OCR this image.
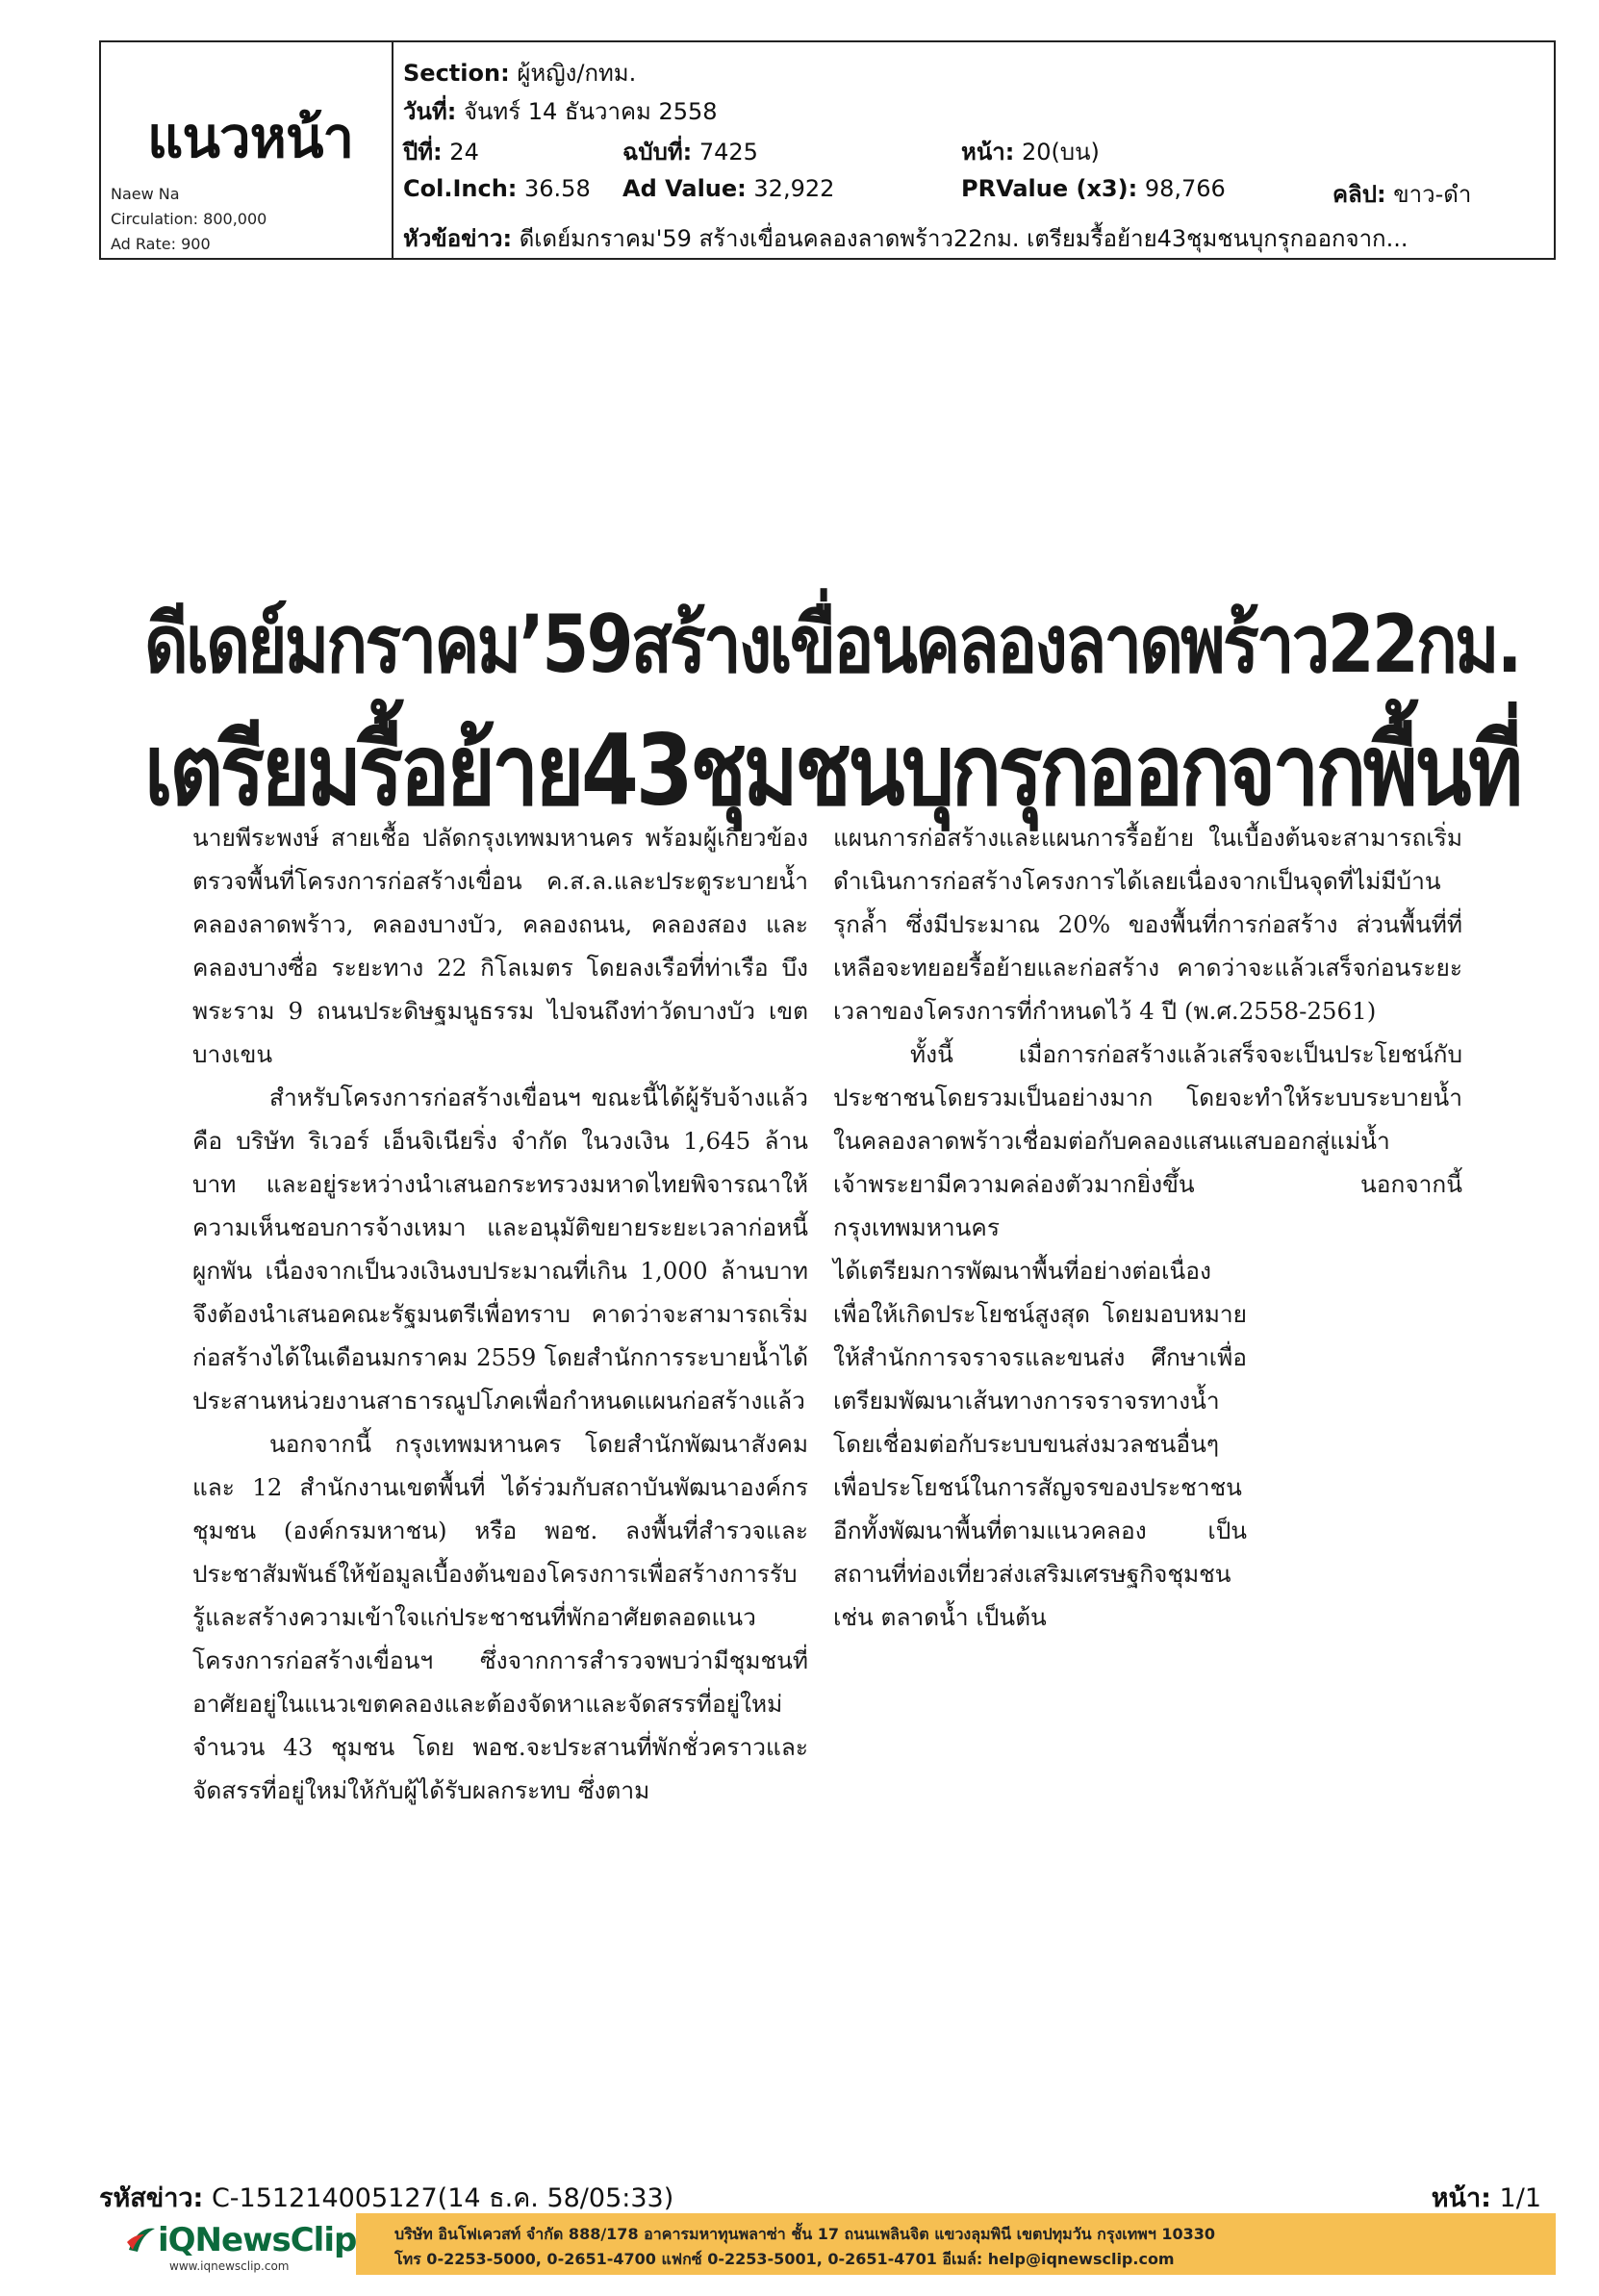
แนวหน้า
Naew Na
Circulation: 800,000
Ad Rate: 900
Section: ผู้หญิง/กทม.
วันที่: จันทร์ 14 ธันวาคม 2558
ปีที่: 24	ฉบับที่: 7425	หน้า: 20(บน)
Col.Inch: 36.58 Ad Value: 32,922	PRValue (x3): 98,766	คลิป: ขาว-ดำ
หัวข้อข่าว: ดีเดย์มกราคม'59 สร้างเขื่อนคลองลาดพร้าว22กม. เตรียมรื้อย้าย43ชุมชนบุกรุกออกจาก...
ดีเดย์มกราคม’59สร้างเขื่อนคลองลาดพร้าว22กม.
เตรียมรื้อย้าย43ชุมชนบุกรุกออกจากพื้นที่

นายพีระพงษ์ สายเชื้อ ปลัดกรุงเทพมหานคร พร้อมผู้เกี่ยวข้องตรวจพื้นที่โครงการก่อสร้างเขื่อน ค.ส.ล.และประตูระบายน้ำ คลองลาดพร้าว, คลองบางบัว, คลองถนน, คลองสอง และคลองบางซื่อ ระยะทาง 22 กิโลเมตร โดยลงเรือที่ท่าเรือ บึงพระราม 9 ถนนประดิษฐมนูธรรม ไปจนถึงท่าวัดบางบัว เขตบางเขน

สำหรับโครงการก่อสร้างเขื่อนฯ ขณะนี้ได้ผู้รับจ้างแล้ว คือ บริษัท ริเวอร์ เอ็นจิเนียริ่ง จำกัด ในวงเงิน 1,645 ล้านบาท และอยู่ระหว่างนำเสนอกระทรวงมหาดไทยพิจารณาให้ความเห็นชอบการจ้างเหมา และอนุมัติขยายระยะเวลาก่อหนี้ผูกพัน เนื่องจากเป็นวงเงินงบประมาณที่เกิน 1,000 ล้านบาท จึงต้องนำเสนอคณะรัฐมนตรีเพื่อทราบ คาดว่าจะสามารถเริ่มก่อสร้างได้ในเดือนมกราคม 2559 โดยสำนักการระบายน้ำได้ประสานหน่วยงานสาธารณูปโภคเพื่อกำหนดแผนก่อสร้างแล้ว

นอกจากนี้ กรุงเทพมหานคร โดยสำนักพัฒนาสังคม และ 12 สำนักงานเขตพื้นที่ ได้ร่วมกับสถาบันพัฒนาองค์กรชุมชน (องค์กรมหาชน) หรือ พอช. ลงพื้นที่สำรวจและประชาสัมพันธ์ให้ข้อมูลเบื้องต้นของโครงการเพื่อสร้างการรับรู้และสร้างความเข้าใจแก่ประชาชนที่พักอาศัยตลอดแนวโครงการก่อสร้างเขื่อนฯ ซึ่งจากการสำรวจพบว่ามีชุมชนที่อาศัยอยู่ในแนวเขตคลองและต้องจัดหาและจัดสรรที่อยู่ใหม่ จำนวน 43 ชุมชน โดย พอช.จะประสานที่พักชั่วคราวและจัดสรรที่อยู่ใหม่ให้กับผู้ได้รับผลกระทบ ซึ่งตาม

แผนการก่อสร้างและแผนการรื้อย้าย ในเบื้องต้นจะสามารถเริ่มดำเนินการก่อสร้างโครงการได้เลยเนื่องจากเป็นจุดที่ไม่มีบ้านรุกล้ำ ซึ่งมีประมาณ 20% ของพื้นที่การก่อสร้าง ส่วนพื้นที่ที่เหลือจะทยอยรื้อย้ายและก่อสร้าง คาดว่าจะแล้วเสร็จก่อนระยะเวลาของโครงการที่กำหนดไว้ 4 ปี (พ.ศ.2558-2561)

ทั้งนี้ เมื่อการก่อสร้างแล้วเสร็จจะเป็นประโยชน์กับประชาชนโดยรวมเป็นอย่างมาก โดยจะทำให้ระบบระบายน้ำในคลองลาดพร้าวเชื่อมต่อกับคลองแสนแสบออกสู่แม่น้ำเจ้าพระยามีความคล่องตัวมากยิ่งขึ้น นอกจากนี้ กรุงเทพมหานคร

ได้เตรียมการพัฒนาพื้นที่อย่างต่อเนื่องเพื่อให้เกิดประโยชน์สูงสุด โดยมอบหมายให้สำนักการจราจรและขนส่ง ศึกษาเพื่อเตรียมพัฒนาเส้นทางการจราจรทางน้ำโดยเชื่อมต่อกับระบบขนส่งมวลชนอื่นๆ เพื่อประโยชน์ในการสัญจรของประชาชน อีกทั้งพัฒนาพื้นที่ตามแนวคลอง เป็นสถานที่ท่องเที่ยวส่งเสริมเศรษฐกิจชุมชน เช่น ตลาดน้ำ เป็นต้น

รหัสข่าว: C-151214005127(14 ธ.ค. 58/05:33)	หน้า: 1/1
iQNewsClip
www.iqnewsclip.com
บริษัท อินโฟเควสท์ จำกัด 888/178 อาคารมหาทุนพลาซ่า ชั้น 17 ถนนเพลินจิต แขวงลุมพินี เขตปทุมวัน กรุงเทพฯ 10330
โทร 0-2253-5000, 0-2651-4700 แฟกซ์ 0-2253-5001, 0-2651-4701 อีเมล์: help@iqnewsclip.com
